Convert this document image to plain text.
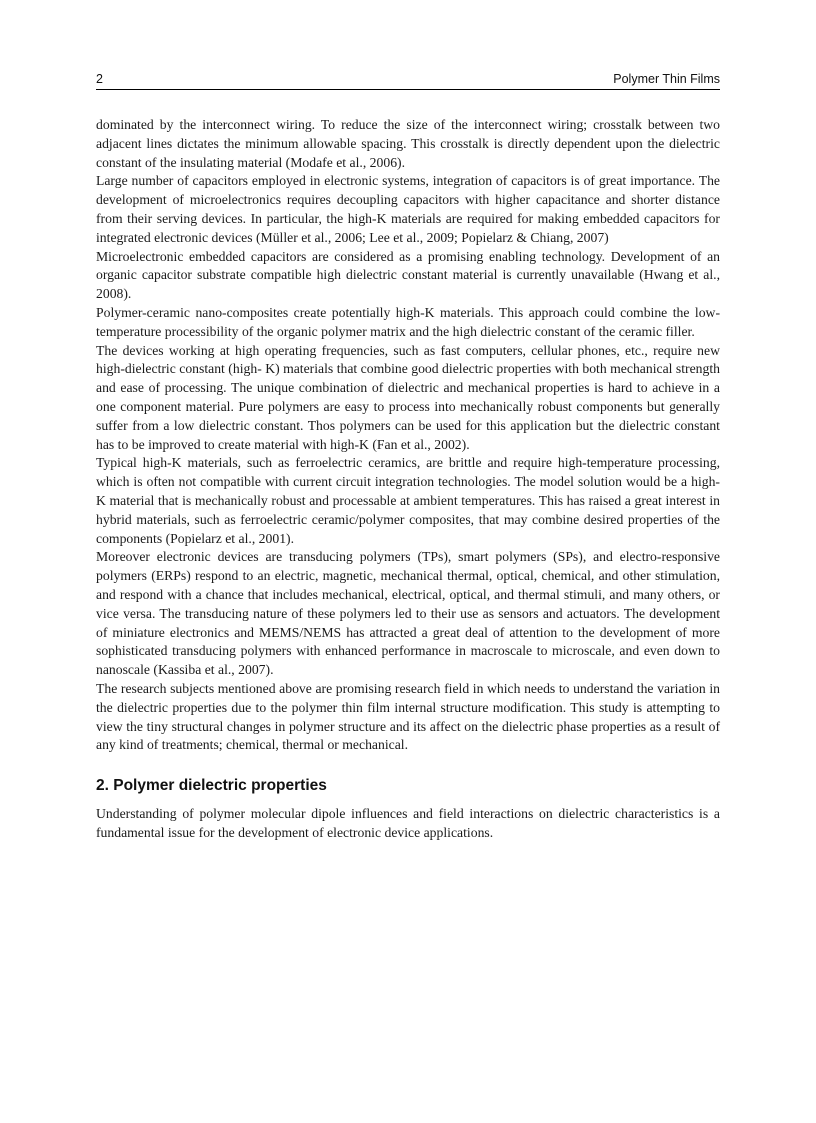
2	Polymer Thin Films

dominated by the interconnect wiring. To reduce the size of the interconnect wiring; crosstalk between two adjacent lines dictates the minimum allowable spacing. This crosstalk is directly dependent upon the dielectric constant of the insulating material (Modafe et al., 2006).

Large number of capacitors employed in electronic systems, integration of capacitors is of great importance. The development of microelectronics requires decoupling capacitors with higher capacitance and shorter distance from their serving devices. In particular, the high-K materials are required for making embedded capacitors for integrated electronic devices (Müller et al., 2006; Lee et al., 2009; Popielarz & Chiang, 2007)

Microelectronic embedded capacitors are considered as a promising enabling technology. Development of an organic capacitor substrate compatible high dielectric constant material is currently unavailable (Hwang et al., 2008).

Polymer-ceramic nano-composites create potentially high-K materials. This approach could combine the low-temperature processibility of the organic polymer matrix and the high dielectric constant of the ceramic filler.

The devices working at high operating frequencies, such as fast computers, cellular phones, etc., require new high-dielectric constant (high- K) materials that combine good dielectric properties with both mechanical strength and ease of processing. The unique combination of dielectric and mechanical properties is hard to achieve in a one component material. Pure polymers are easy to process into mechanically robust components but generally suffer from a low dielectric constant. Thos polymers can be used for this application but the dielectric constant has to be improved to create material with high-K (Fan et al., 2002).

Typical high-K materials, such as ferroelectric ceramics, are brittle and require high-temperature processing, which is often not compatible with current circuit integration technologies. The model solution would be a high-K material that is mechanically robust and processable at ambient temperatures. This has raised a great interest in hybrid materials, such as ferroelectric ceramic/polymer composites, that may combine desired properties of the components (Popielarz et al., 2001).

Moreover electronic devices are transducing polymers (TPs), smart polymers (SPs), and electro-responsive polymers (ERPs) respond to an electric, magnetic, mechanical thermal, optical, chemical, and other stimulation, and respond with a chance that includes mechanical, electrical, optical, and thermal stimuli, and many others, or vice versa. The transducing nature of these polymers led to their use as sensors and actuators. The development of miniature electronics and MEMS/NEMS has attracted a great deal of attention to the development of more sophisticated transducing polymers with enhanced performance in macroscale to microscale, and even down to nanoscale (Kassiba et al., 2007).

The research subjects mentioned above are promising research field in which needs to understand the variation in the dielectric properties due to the polymer thin film internal structure modification. This study is attempting to view the tiny structural changes in polymer structure and its affect on the dielectric phase properties as a result of any kind of treatments; chemical, thermal or mechanical.

2. Polymer dielectric properties

Understanding of polymer molecular dipole influences and field interactions on dielectric characteristics is a fundamental issue for the development of electronic device applications.
